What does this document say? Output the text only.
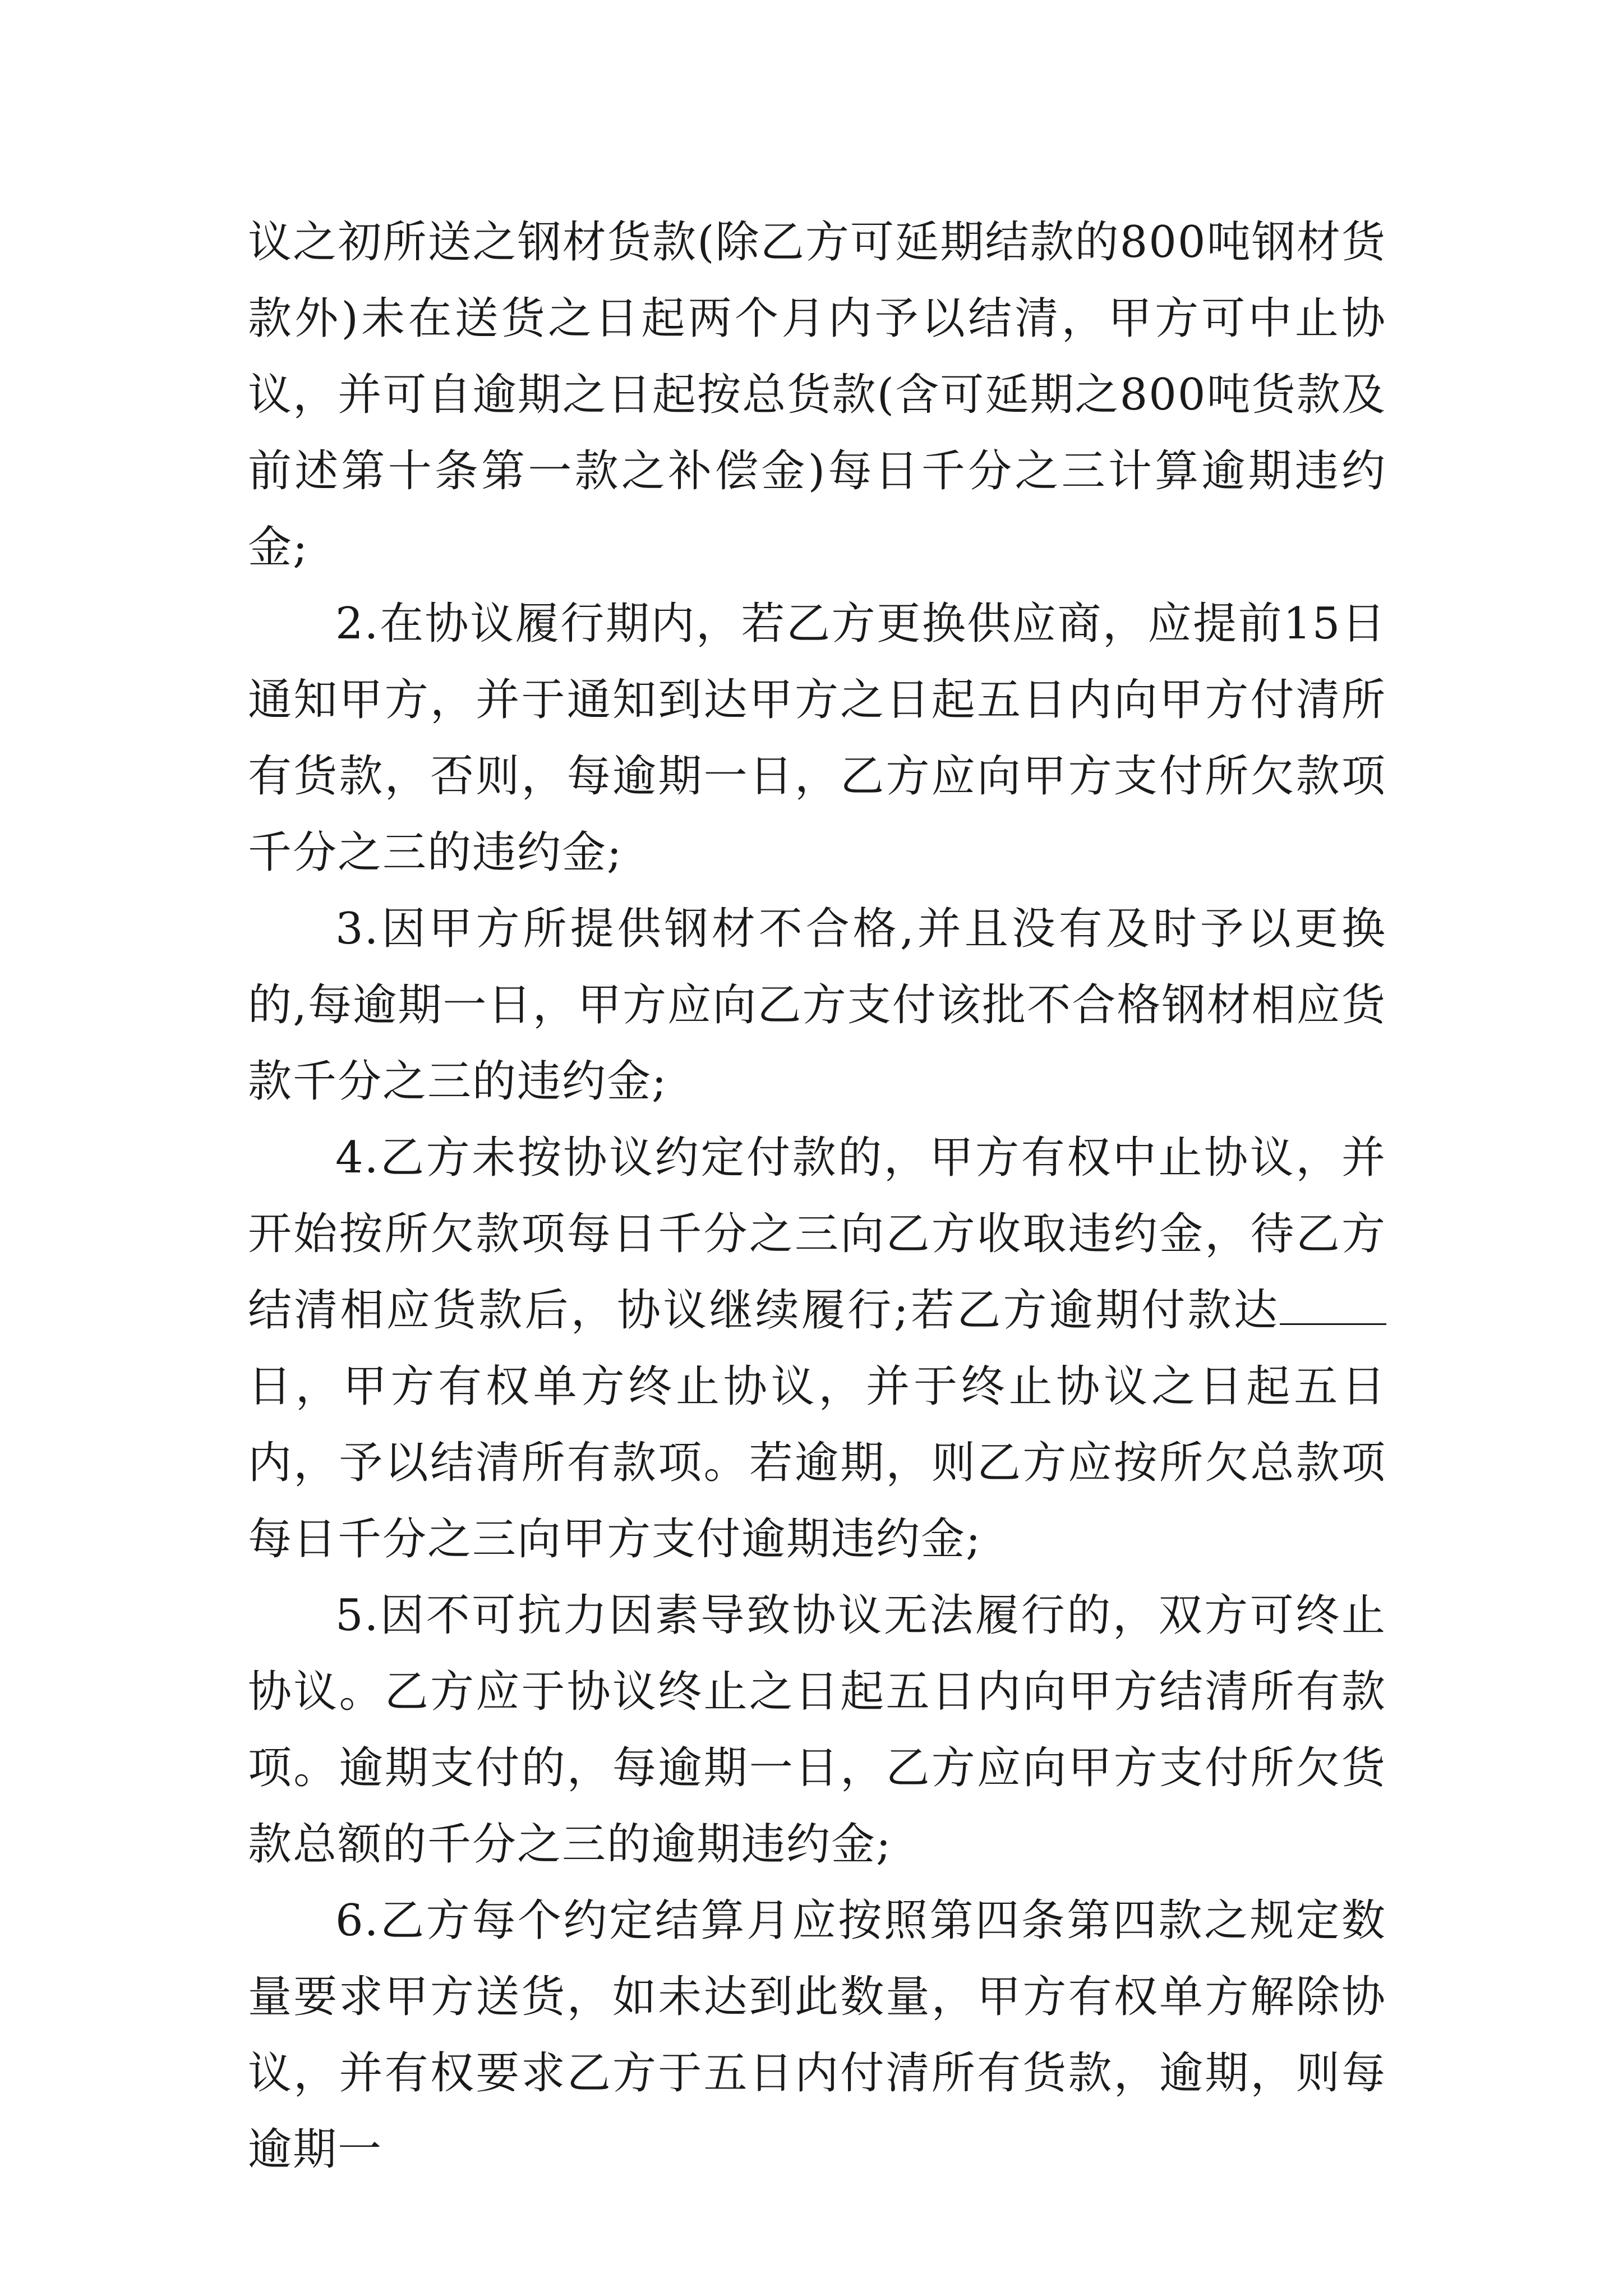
议之初所送之钢材货款(除乙方可延期结款的800吨钢材货款外)未在送货之日起两个月内予以结清，甲方可中止协议，并可自逾期之日起按总货款(含可延期之800吨货款及前述第十条第一款之补偿金)每日千分之三计算逾期违约金;

2.在协议履行期内，若乙方更换供应商，应提前15日通知甲方，并于通知到达甲方之日起五日内向甲方付清所有货款，否则，每逾期一日，乙方应向甲方支付所欠款项千分之三的违约金;

3.因甲方所提供钢材不合格,并且没有及时予以更换的,每逾期一日，甲方应向乙方支付该批不合格钢材相应货款千分之三的违约金;

4.乙方未按协议约定付款的，甲方有权中止协议，并开始按所欠款项每日千分之三向乙方收取违约金，待乙方结清相应货款后，协议继续履行;若乙方逾期付款达日，甲方有权单方终止协议，并于终止协议之日起五日内，予以结清所有款项。若逾期，则乙方应按所欠总款项每日千分之三向甲方支付逾期违约金;

5.因不可抗力因素导致协议无法履行的，双方可终止协议。乙方应于协议终止之日起五日内向甲方结清所有款项。逾期支付的，每逾期一日，乙方应向甲方支付所欠货款总额的千分之三的逾期违约金;

6.乙方每个约定结算月应按照第四条第四款之规定数量要求甲方送货，如未达到此数量，甲方有权单方解除协议，并有权要求乙方于五日内付清所有货款，逾期，则每逾期一
